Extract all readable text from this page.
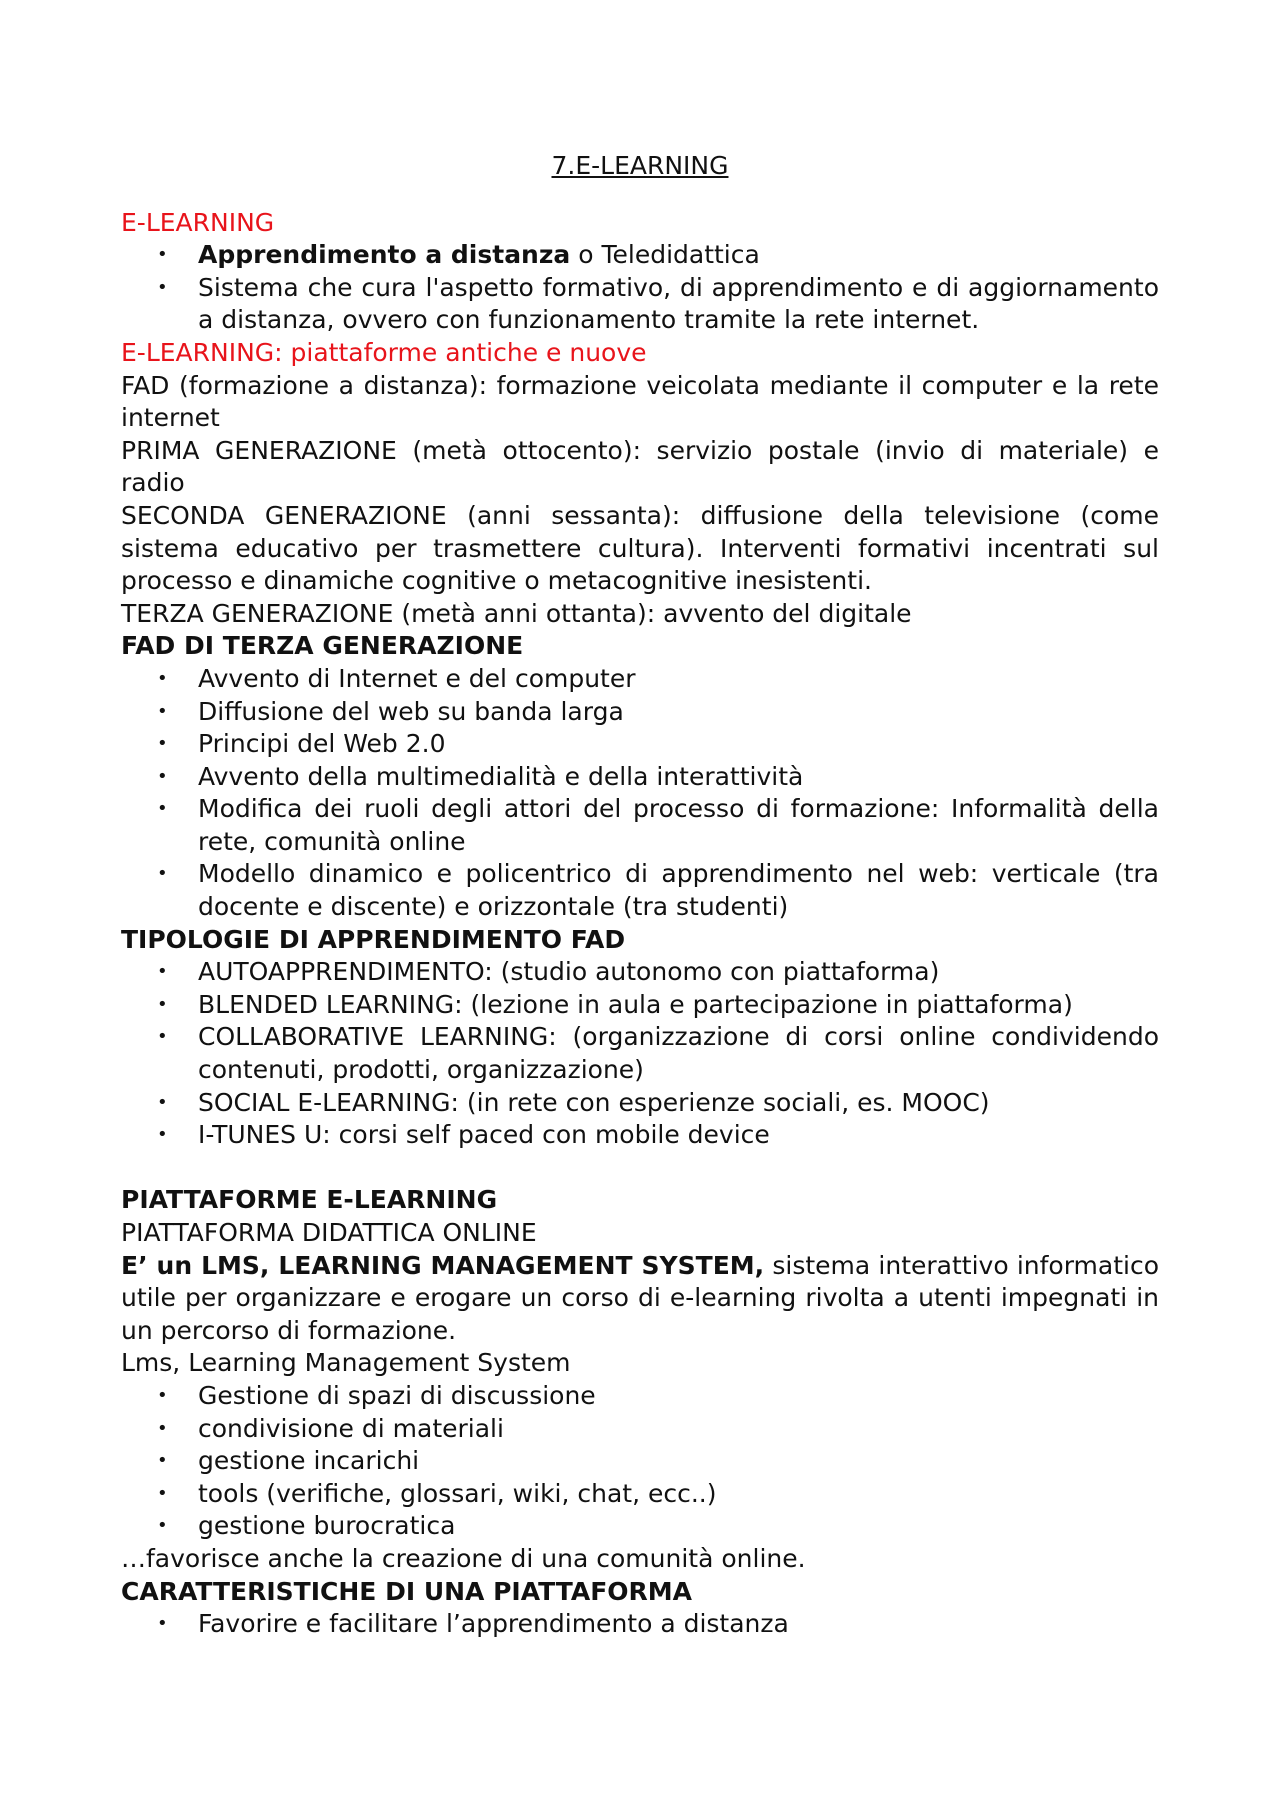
7.E-LEARNING

E-LEARNING

• Apprendimento a distanza o Teledidattica
• Sistema che cura l'aspetto formativo, di apprendimento e di aggiornamento a distanza, ovvero con funzionamento tramite la rete internet.

E-LEARNING: piattaforme antiche e nuove

FAD (formazione a distanza): formazione veicolata mediante il computer e la rete internet

PRIMA GENERAZIONE (metà ottocento): servizio postale (invio di materiale) e radio

SECONDA GENERAZIONE (anni sessanta): diffusione della televisione (come sistema educativo per trasmettere cultura). Interventi formativi incentrati sul processo e dinamiche cognitive o metacognitive inesistenti.

TERZA GENERAZIONE (metà anni ottanta): avvento del digitale

FAD DI TERZA GENERAZIONE
• Avvento di Internet e del computer
• Diffusione del web su banda larga
• Principi del Web 2.0
• Avvento della multimedialità e della interattività
• Modifica dei ruoli degli attori del processo di formazione: Informalità della rete, comunità online
• Modello dinamico e policentrico di apprendimento nel web: verticale (tra docente e discente) e orizzontale (tra studenti)
TIPOLOGIE DI APPRENDIMENTO FAD
• AUTOAPPRENDIMENTO: (studio autonomo con piattaforma)
• BLENDED LEARNING: (lezione in aula e partecipazione in piattaforma)
• COLLABORATIVE LEARNING: (organizzazione di corsi online condividendo contenuti, prodotti, organizzazione)
• SOCIAL E-LEARNING: (in rete con esperienze sociali, es. MOOC)
• I-TUNES U: corsi self paced con mobile device
PIATTAFORME E-LEARNING

PIATTAFORMA DIDATTICA ONLINE

E’ un LMS, LEARNING MANAGEMENT SYSTEM, sistema interattivo informatico utile per organizzare e erogare un corso di e-learning rivolta a utenti impegnati in un percorso di formazione.

Lms, Learning Management System

• Gestione di spazi di discussione
• condivisione di materiali
• gestione incarichi
• tools (verifiche, glossari, wiki, chat, ecc..)
• gestione burocratica

…favorisce anche la creazione di una comunità online.

CARATTERISTICHE DI UNA PIATTAFORMA
• Favorire e facilitare l’apprendimento a distanza
